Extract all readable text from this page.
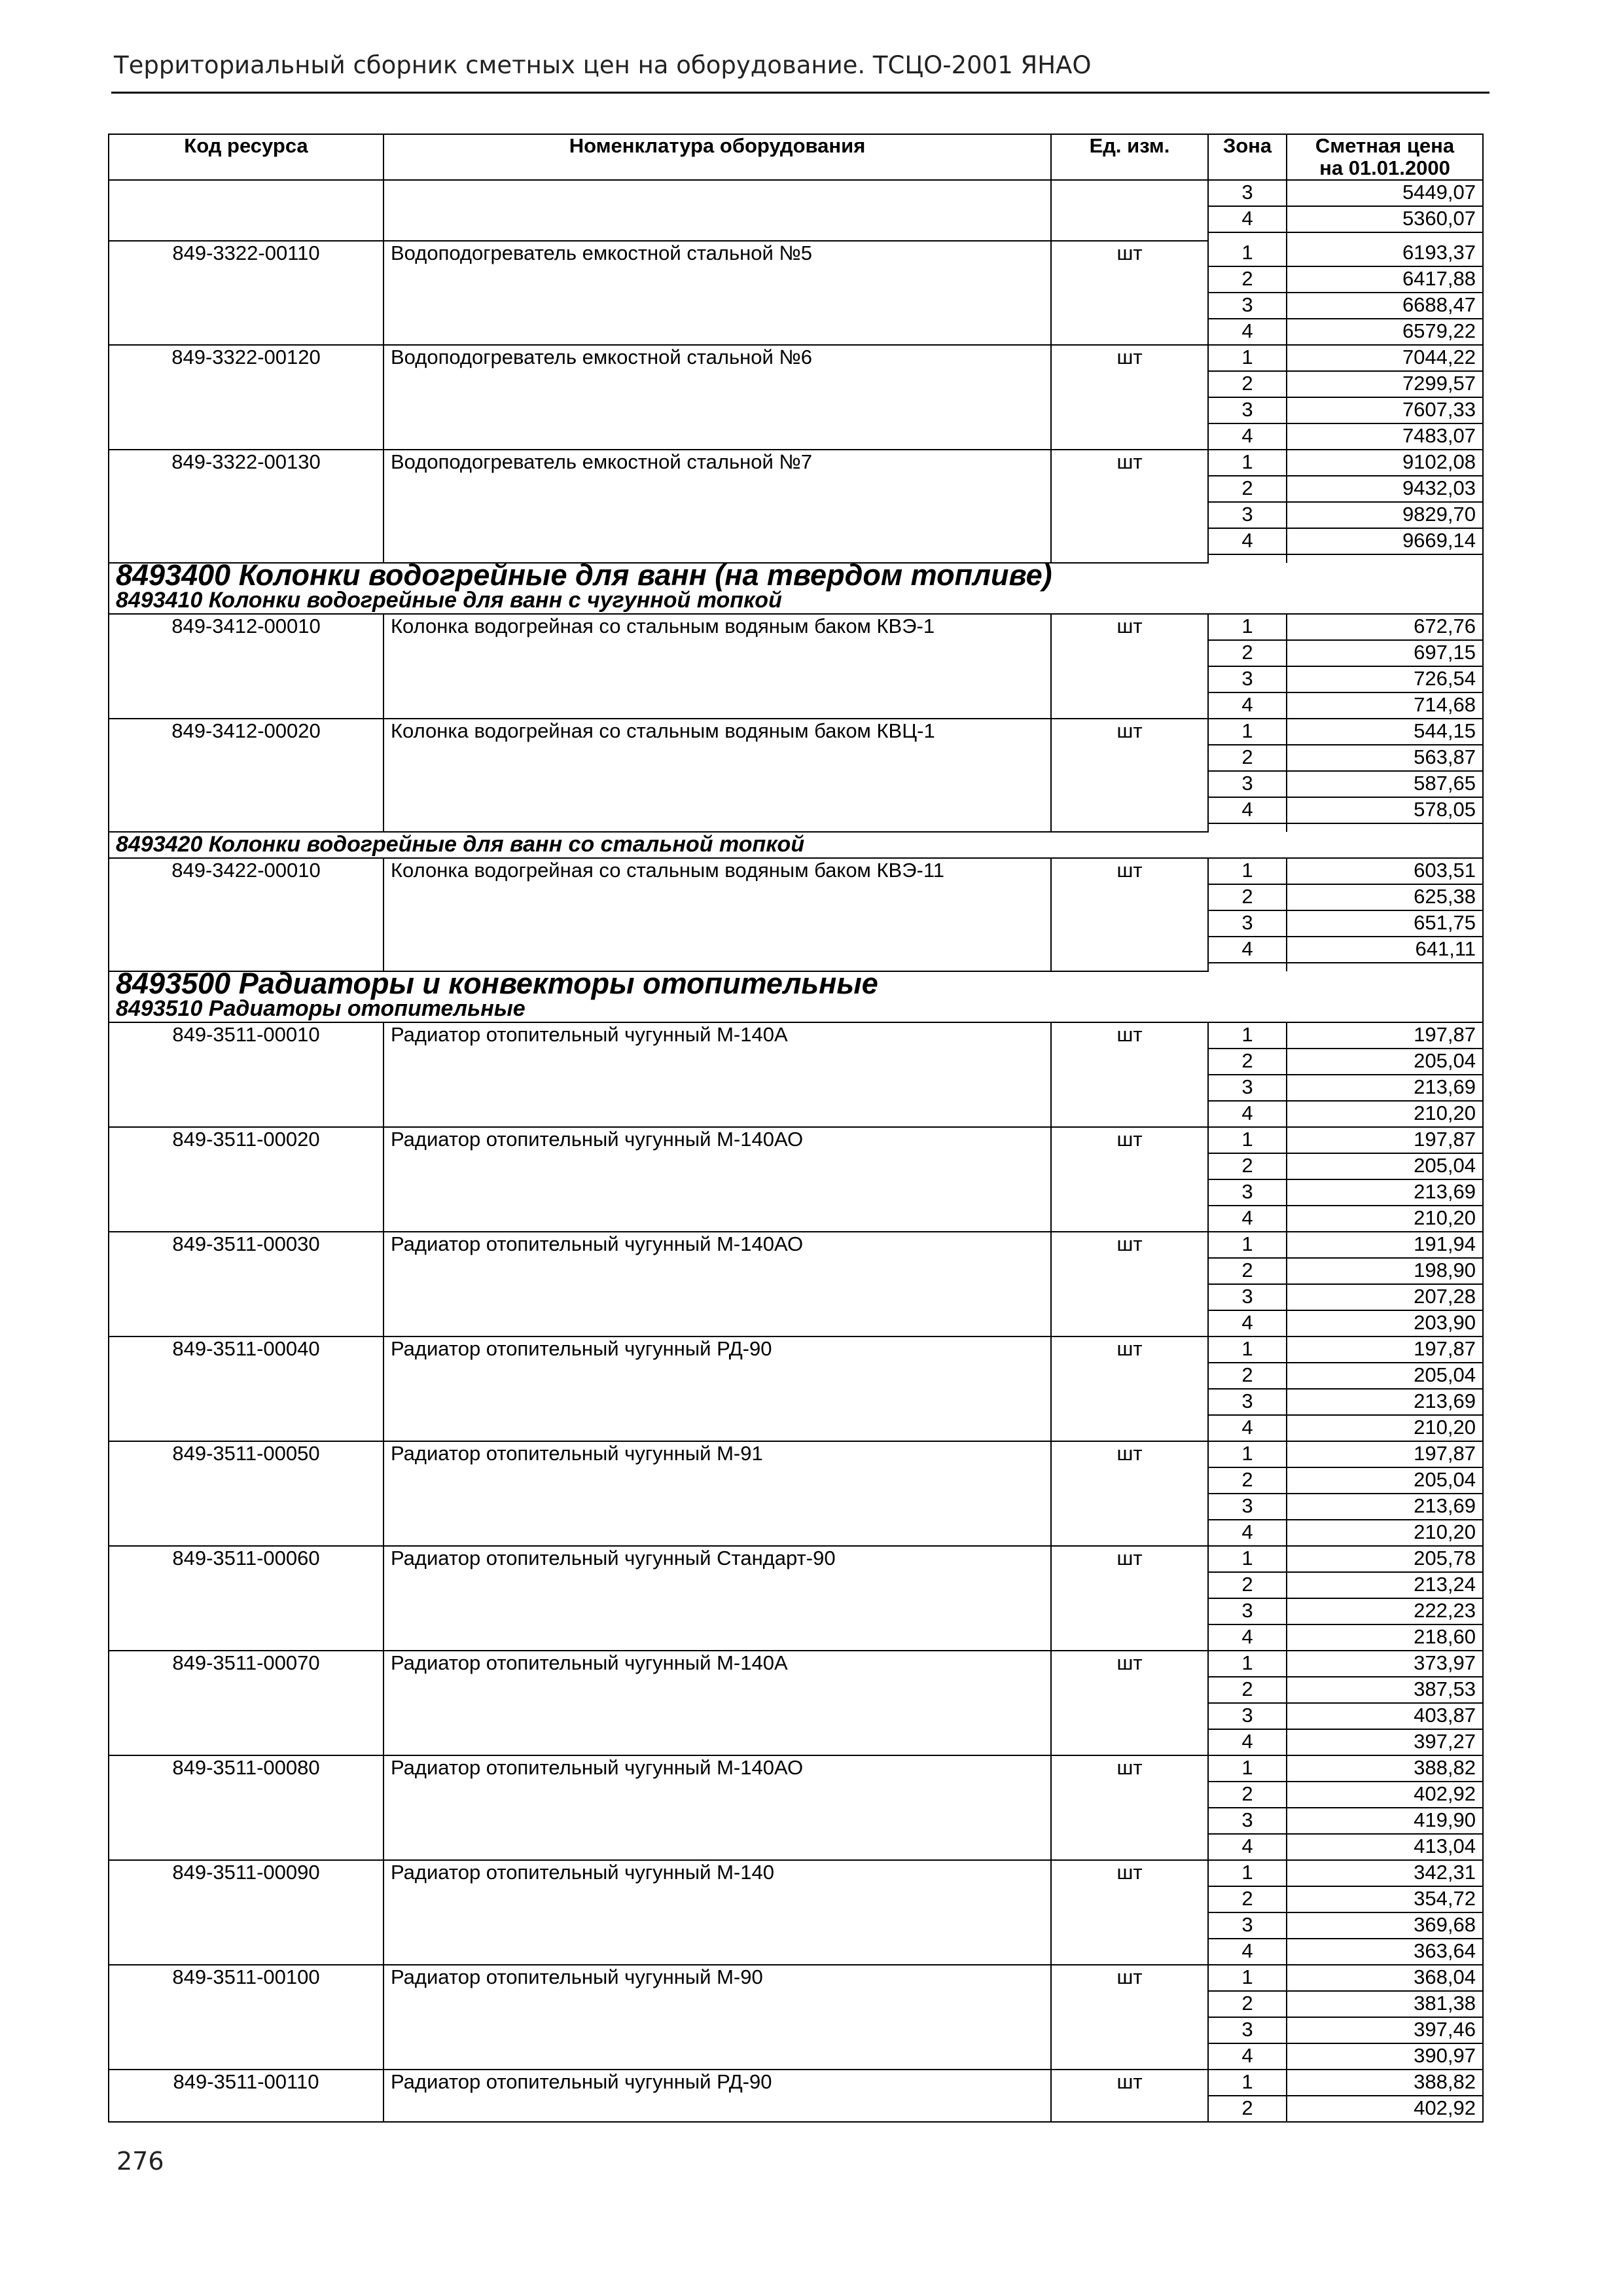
Территориальный сборник сметных цен на оборудование. ТСЦО-2001 ЯНАО
Код ресурса	Номенклатура оборудования	Ед. изм.	Зона	Сметная цена
на 01.01.2000
			3	5449,07
			4	5360,07

849-3322-00110	Водоподогреватель емкостной стальной №5	шт	1	6193,37
			2	6417,88
			3	6688,47
			4	6579,22
849-3322-00120	Водоподогреватель емкостной стальной №6	шт	1	7044,22
			2	7299,57
			3	7607,33
			4	7483,07
849-3322-00130	Водоподогреватель емкостной стальной №7	шт	1	9102,08
			2	9432,03
			3	9829,70
			4	9669,14

8493400 Колонки водогрейные для ванн (на твердом топливе)				
8493410 Колонки водогрейные для ванн с чугунной топкой				
849-3412-00010	Колонка водогрейная со стальным водяным баком КВЭ-1	шт	1	672,76
			2	697,15
			3	726,54
			4	714,68
849-3412-00020	Колонка водогрейная со стальным водяным баком КВЦ-1	шт	1	544,15
			2	563,87
			3	587,65
			4	578,05

8493420 Колонки водогрейные для ванн со стальной топкой				
849-3422-00010	Колонка водогрейная со стальным водяным баком КВЭ-11	шт	1	603,51
			2	625,38
			3	651,75
			4	641,11

8493500 Радиаторы и конвекторы отопительные				
8493510 Радиаторы отопительные				
849-3511-00010	Радиатор отопительный чугунный М-140А	шт	1	197,87
			2	205,04
			3	213,69
			4	210,20
849-3511-00020	Радиатор отопительный чугунный М-140АО	шт	1	197,87
			2	205,04
			3	213,69
			4	210,20
849-3511-00030	Радиатор отопительный чугунный М-140АО	шт	1	191,94
			2	198,90
			3	207,28
			4	203,90
849-3511-00040	Радиатор отопительный чугунный РД-90	шт	1	197,87
			2	205,04
			3	213,69
			4	210,20
849-3511-00050	Радиатор отопительный чугунный М-91	шт	1	197,87
			2	205,04
			3	213,69
			4	210,20
849-3511-00060	Радиатор отопительный чугунный Стандарт-90	шт	1	205,78
			2	213,24
			3	222,23
			4	218,60
849-3511-00070	Радиатор отопительный чугунный М-140А	шт	1	373,97
			2	387,53
			3	403,87
			4	397,27
849-3511-00080	Радиатор отопительный чугунный М-140АО	шт	1	388,82
			2	402,92
			3	419,90
			4	413,04
849-3511-00090	Радиатор отопительный чугунный М-140	шт	1	342,31
			2	354,72
			3	369,68
			4	363,64
849-3511-00100	Радиатор отопительный чугунный М-90	шт	1	368,04
			2	381,38
			3	397,46
			4	390,97
849-3511-00110	Радиатор отопительный чугунный РД-90	шт	1	388,82
			2	402,92
276
